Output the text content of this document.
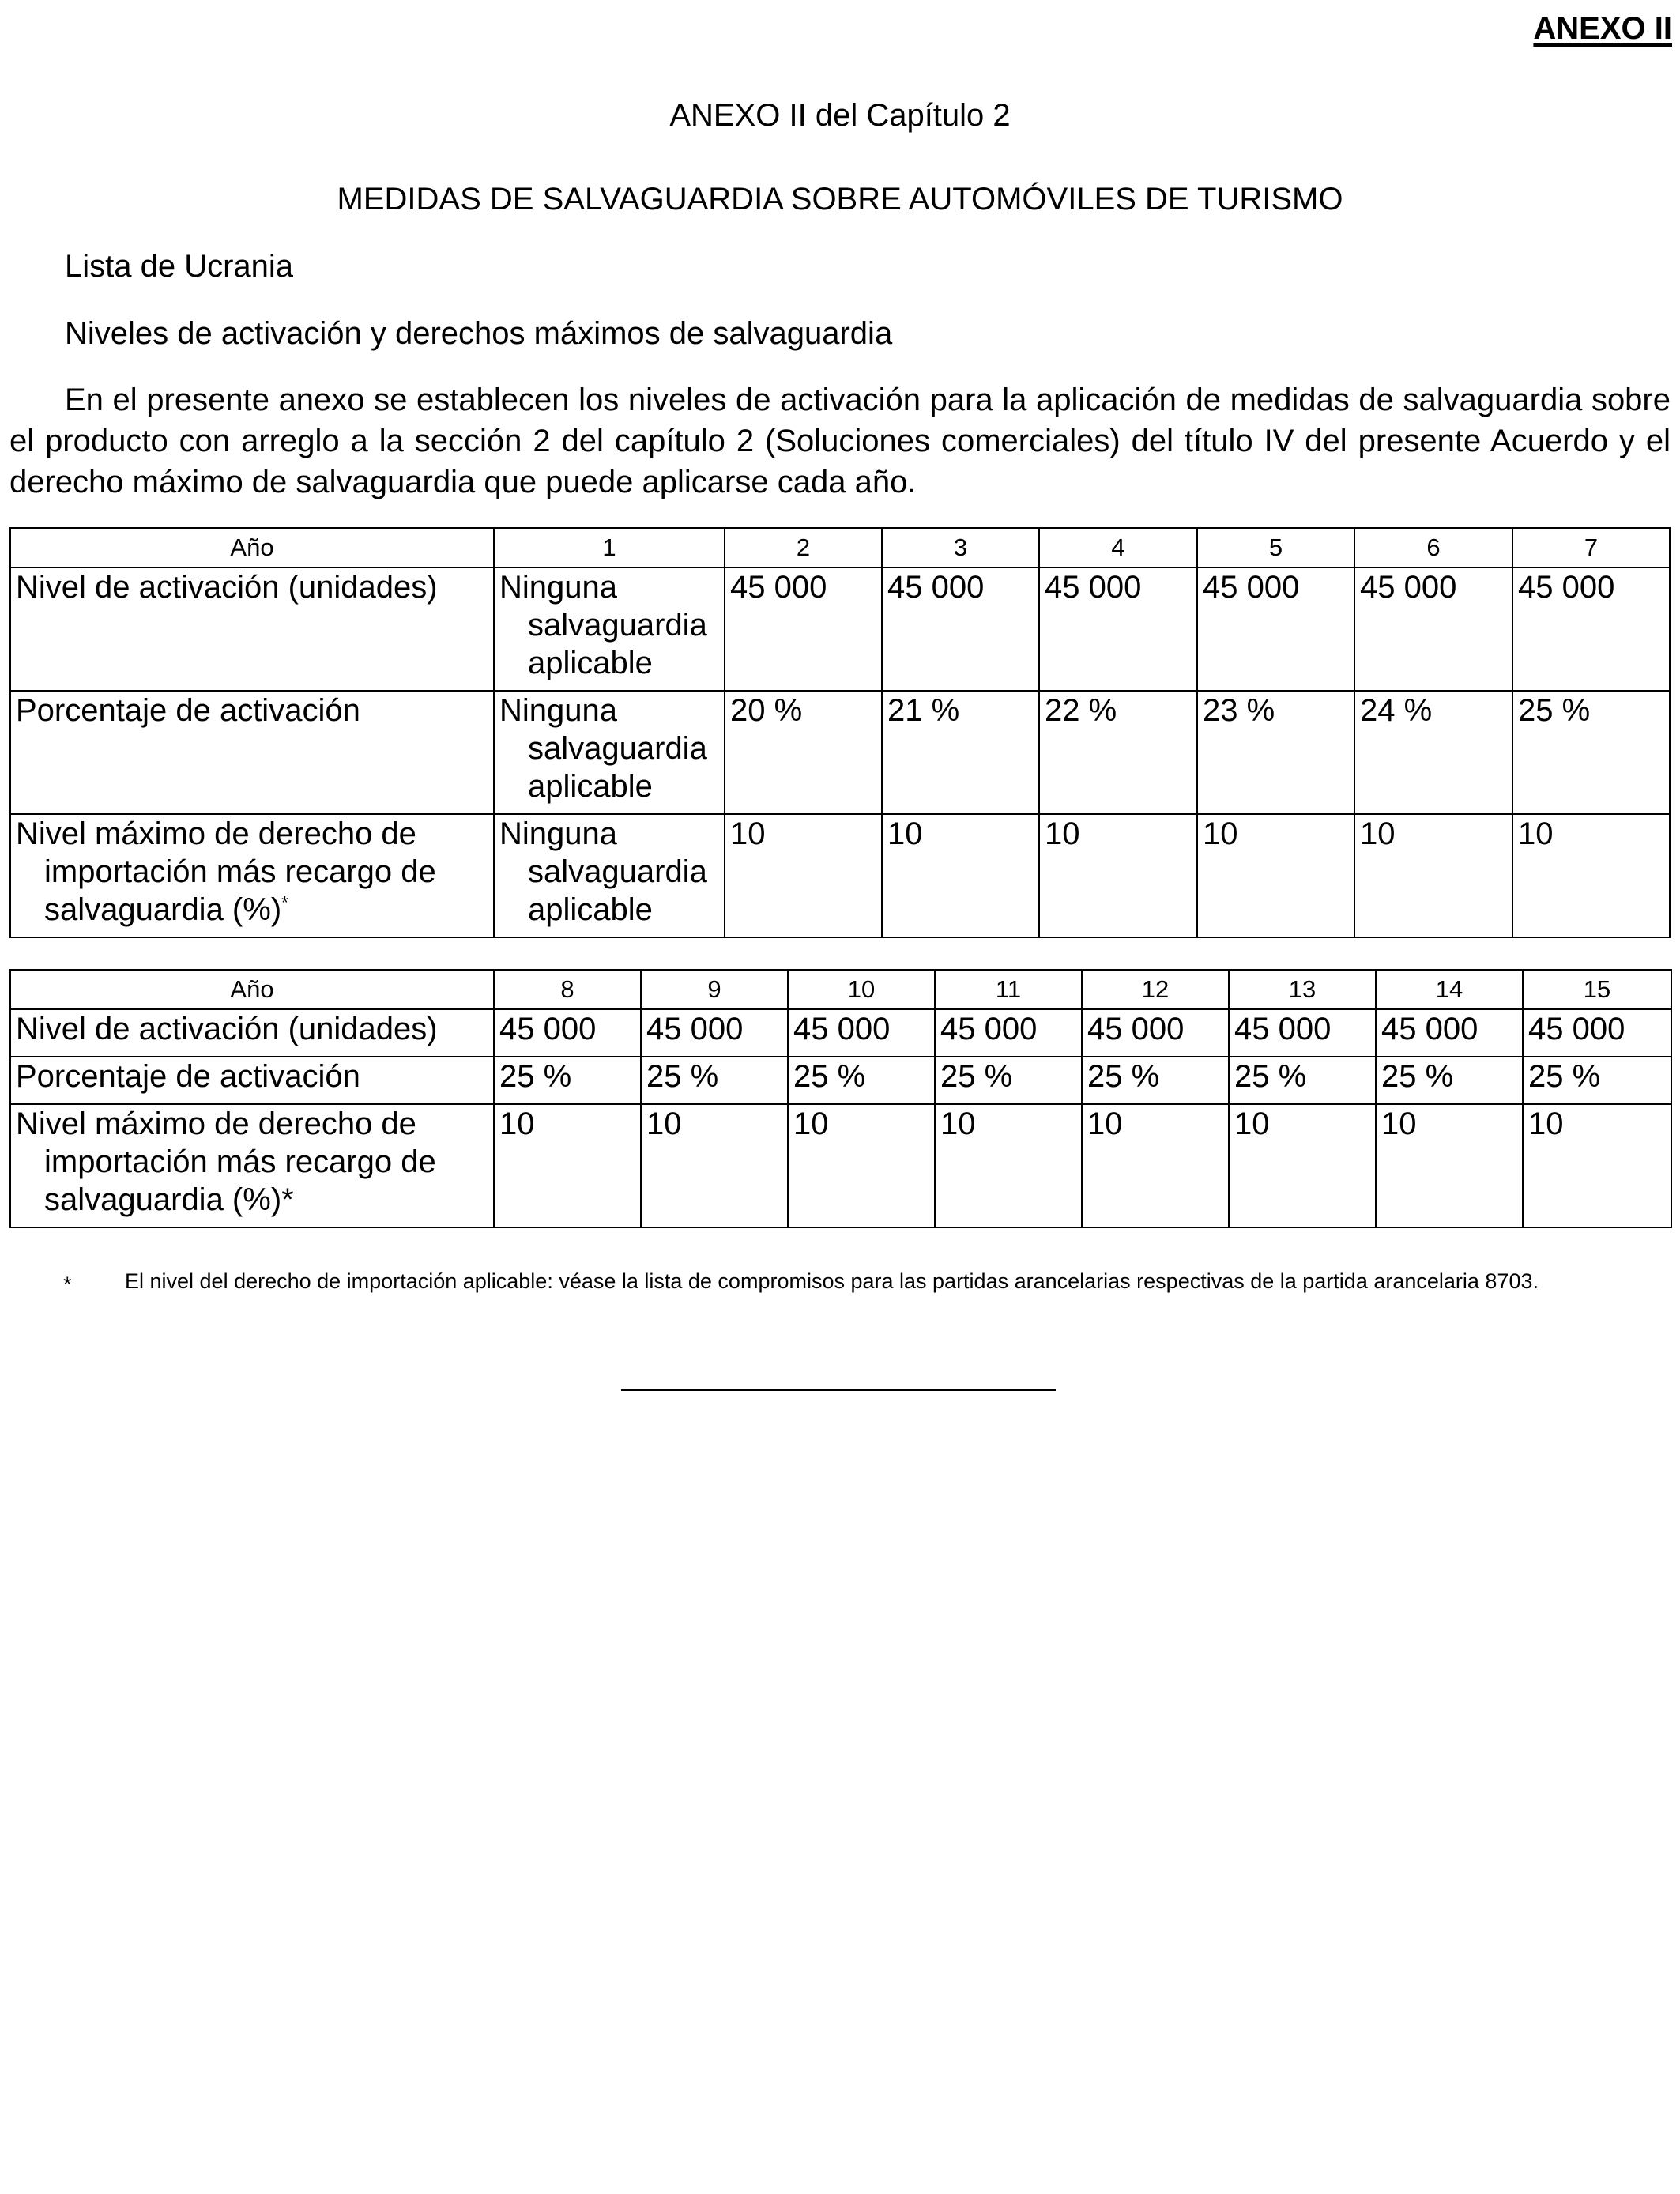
ANEXO II
ANEXO II del Capítulo 2
MEDIDAS DE SALVAGUARDIA SOBRE AUTOMÓVILES DE TURISMO
Lista de Ucrania
Niveles de activación y derechos máximos de salvaguardia

En el presente anexo se establecen los niveles de activación para la aplicación de medidas de salvaguardia sobre el producto con arreglo a la sección 2 del capítulo 2 (Soluciones comerciales) del título IV del presente Acuerdo y el derecho máximo de salvaguardia que puede aplicarse cada año.

Año	1	2	3	4	5	6	7

Nivel de activación (unidades)	Ninguna
salvaguardia
aplicable	45 000	45 000	45 000	45 000	45 000	45 000

Porcentaje de activación	Ninguna
salvaguardia
aplicable	20 %	21 %	22 %	23 %	24 %	25 %

Nivel máximo de derecho de importación más recargo de salvaguardia (%)*	Ninguna
salvaguardia
aplicable	10	10	10	10	10	10
Año	8	9	10	11	12	13	14	15

Nivel de activación (unidades)	45 000	45 000	45 000	45 000	45 000	45 000	45 000	45 000

Porcentaje de activación	25 %	25 %	25 %	25 %	25 %	25 %	25 %	25 %

Nivel máximo de derecho de importación más recargo de salvaguardia (%)*	10	10	10	10	10	10	10	10
* El nivel del derecho de importación aplicable: véase la lista de compromisos para las partidas arancelarias respectivas de la partida arancelaria 8703.
